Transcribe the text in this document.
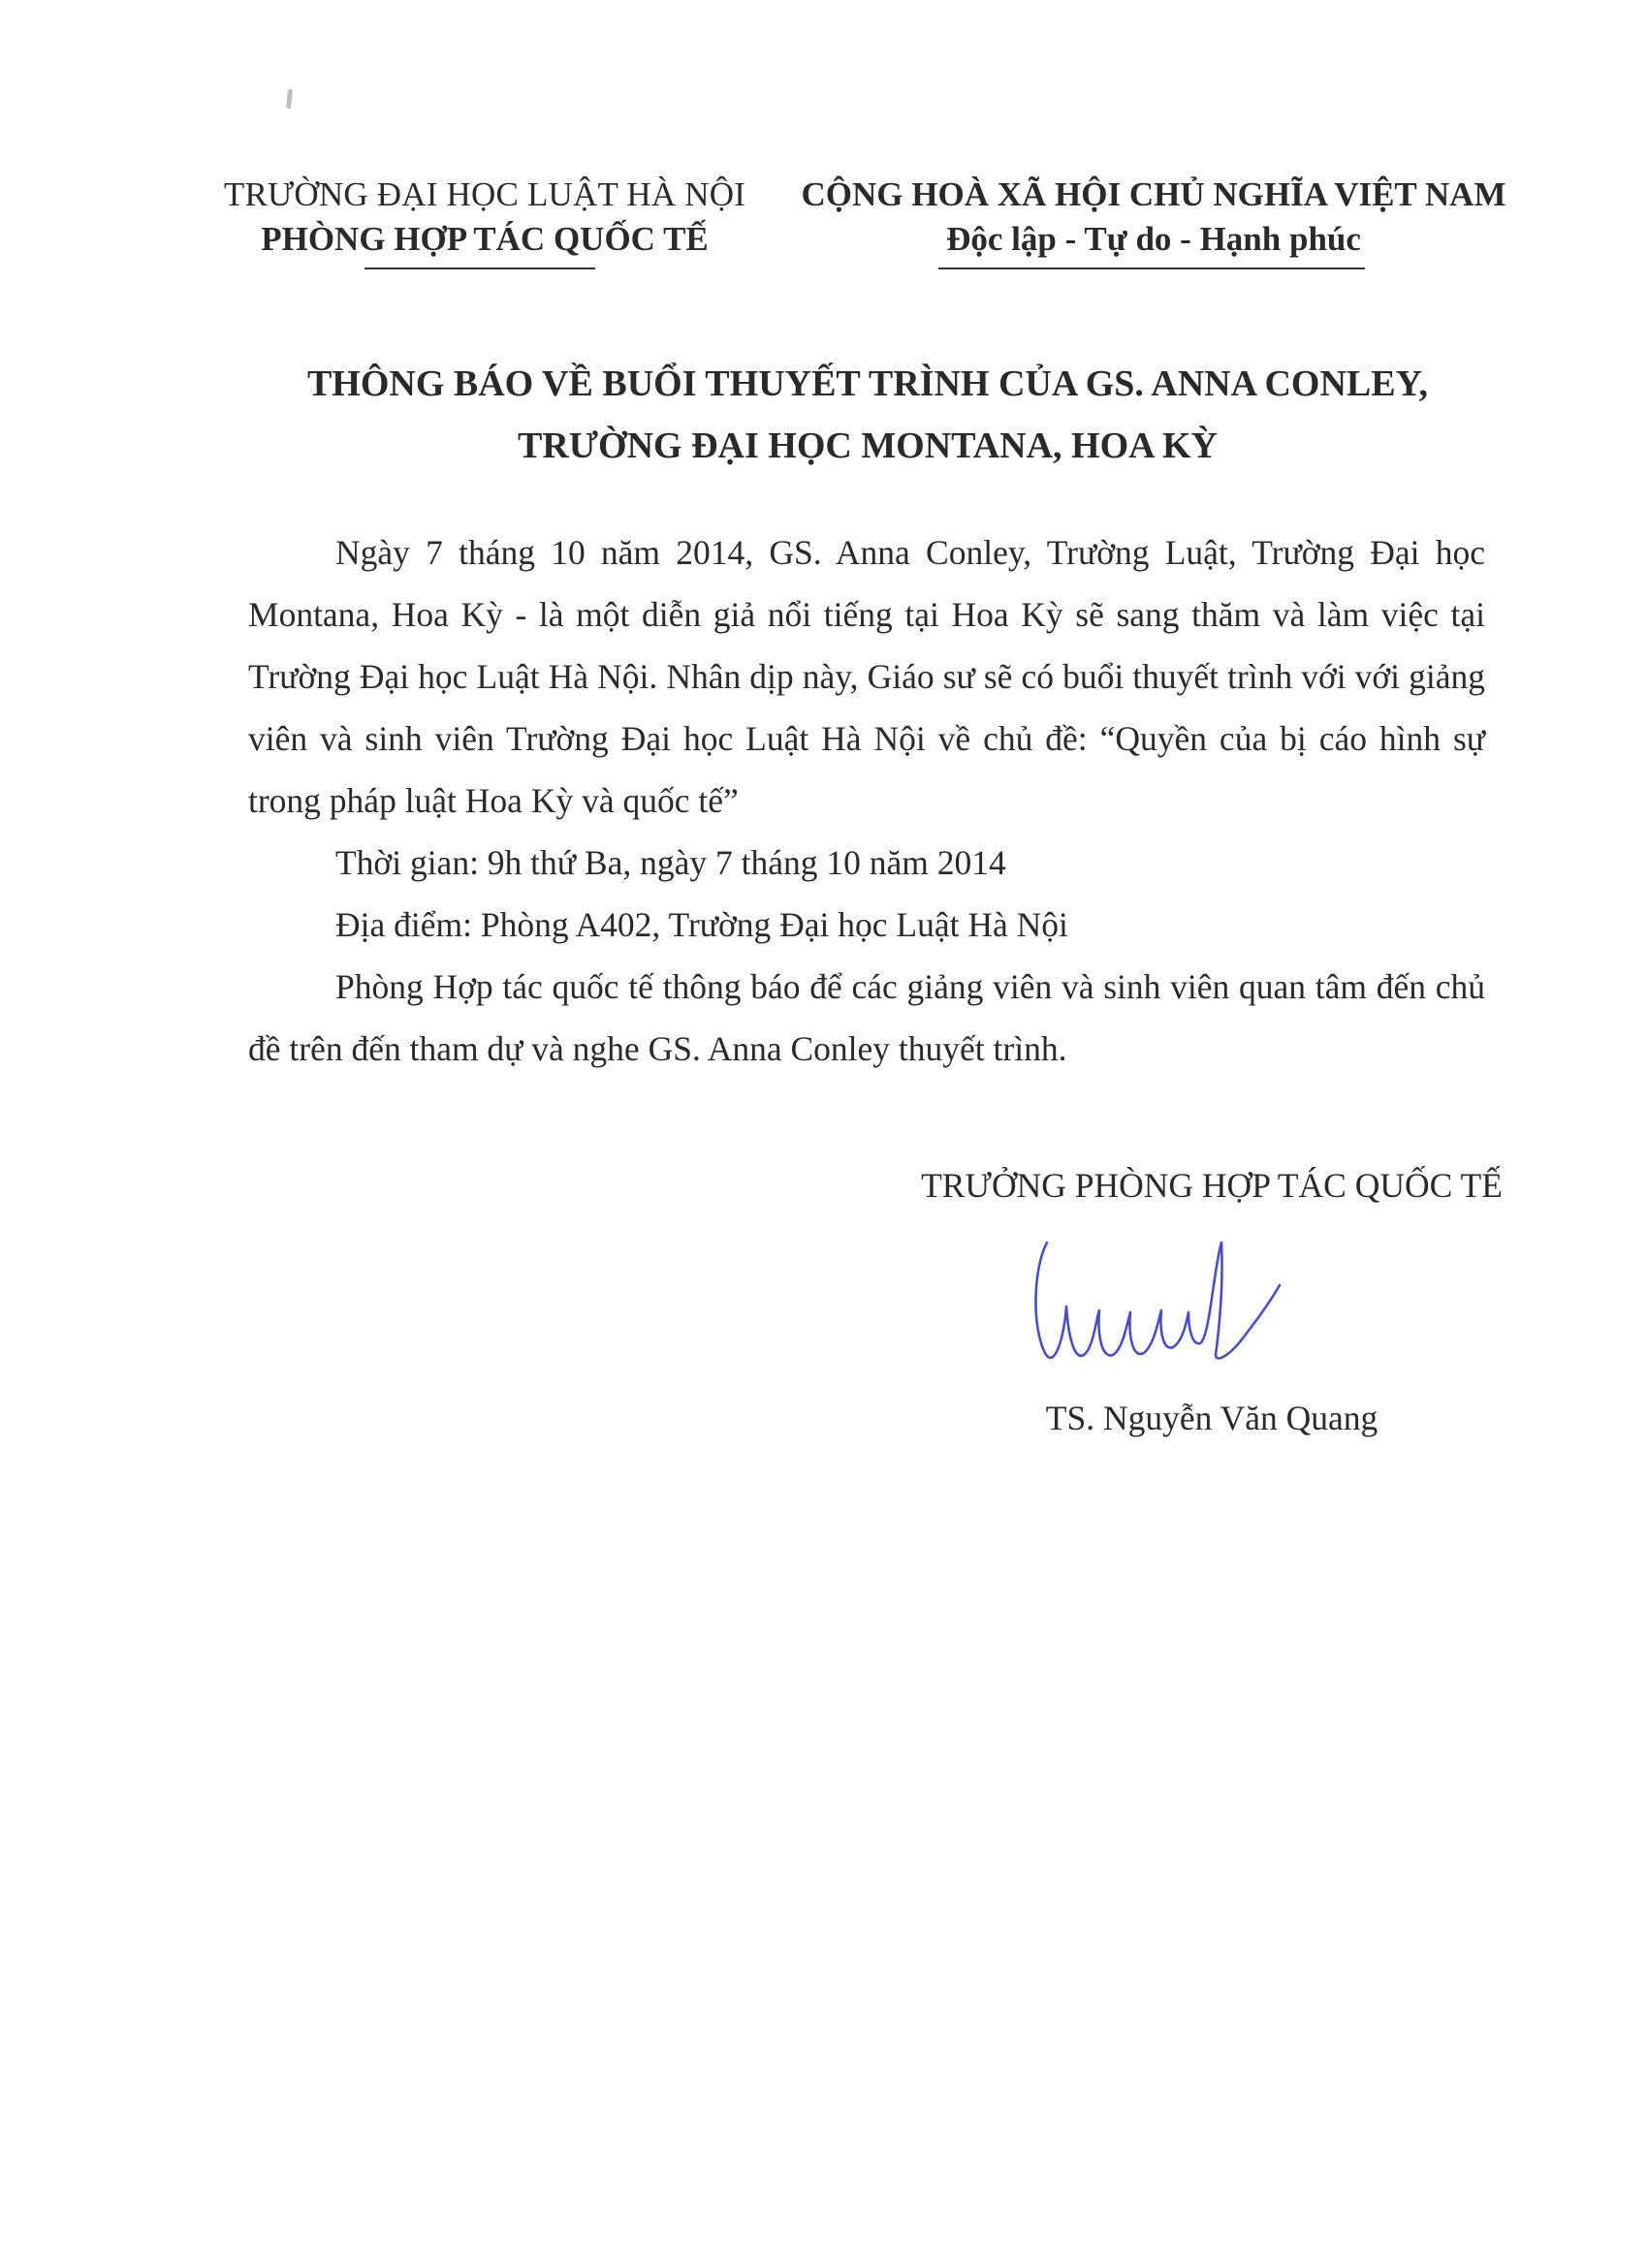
TRƯỜNG ĐẠI HỌC LUẬT HÀ NỘI
PHÒNG HỢP TÁC QUỐC TẾ
CỘNG HOÀ XÃ HỘI CHỦ NGHĨA VIỆT NAM
Độc lập - Tự do - Hạnh phúc
THÔNG BÁO VỀ BUỔI THUYẾT TRÌNH CỦA GS. ANNA CONLEY,
TRƯỜNG ĐẠI HỌC MONTANA, HOA KỲ

Ngày 7 tháng 10 năm 2014, GS. Anna Conley, Trường Luật, Trường Đại học Montana, Hoa Kỳ - là một diễn giả nổi tiếng tại Hoa Kỳ sẽ sang thăm và làm việc tại Trường Đại học Luật Hà Nội. Nhân dịp này, Giáo sư sẽ có buổi thuyết trình với với giảng viên và sinh viên Trường Đại học Luật Hà Nội về chủ đề: “Quyền của bị cáo hình sự trong pháp luật Hoa Kỳ và quốc tế”

Thời gian: 9h thứ Ba, ngày 7 tháng 10 năm 2014

Địa điểm: Phòng A402, Trường Đại học Luật Hà Nội

Phòng Hợp tác quốc tế thông báo để các giảng viên và sinh viên quan tâm đến chủ đề trên đến tham dự và nghe GS. Anna Conley thuyết trình.

TRƯỞNG PHÒNG HỢP TÁC QUỐC TẾ
TS. Nguyễn Văn Quang
